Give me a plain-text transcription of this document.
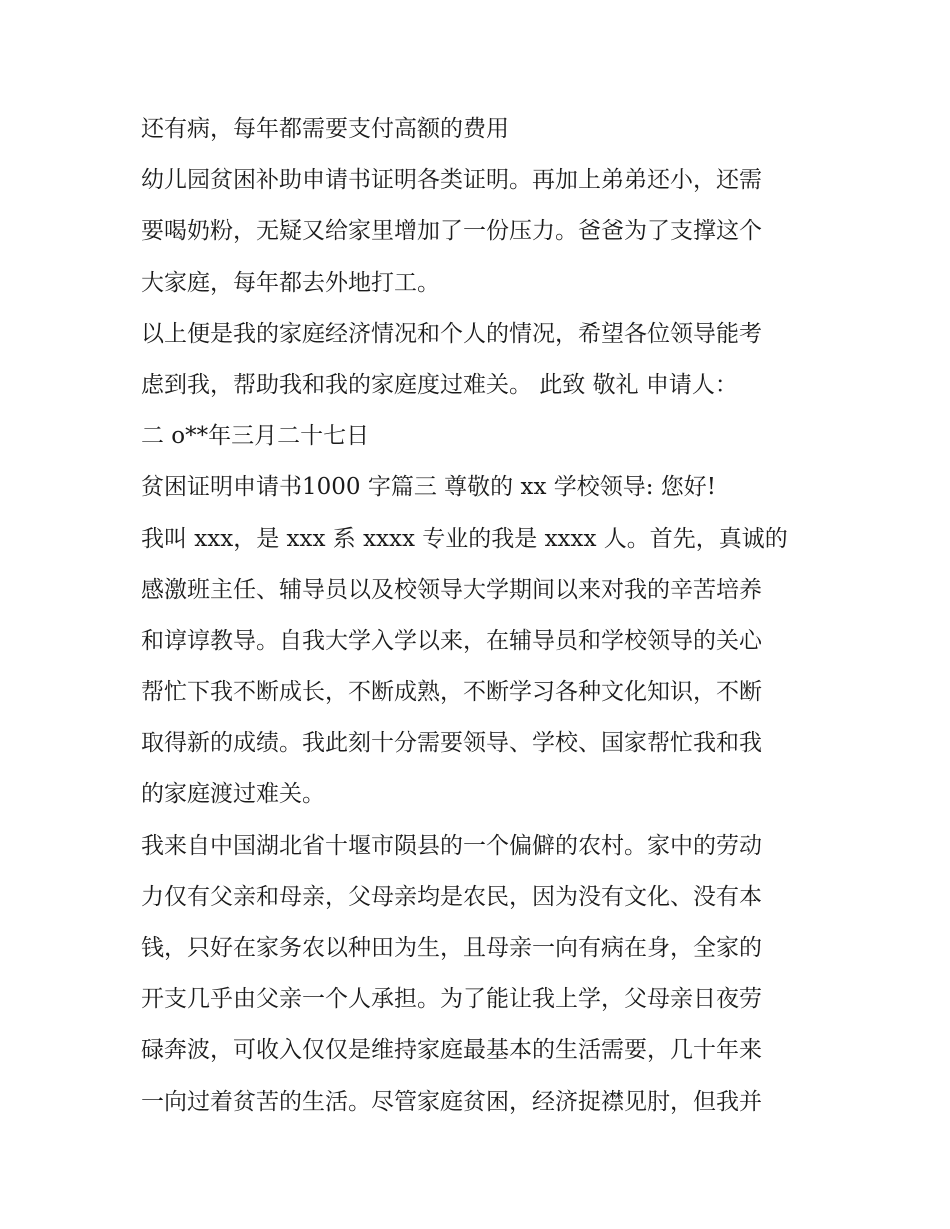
还有病，每年都需要支付高额的费用
幼儿园贫困补助申请书证明各类证明。再加上弟弟还小，还需
要喝奶粉，无疑又给家里增加了一份压力。爸爸为了支撑这个
大家庭，每年都去外地打工。
以上便是我的家庭经济情况和个人的情况，希望各位领导能考
虑到我，帮助我和我的家庭度过难关。 此致 敬礼 申请人：
二 o**年三月二十七日
贫困证明申请书1000 字篇三 尊敬的 xx 学校领导: 您好!
我叫 xxx，是 xxx 系 xxxx 专业的我是 xxxx 人。首先，真诚的
感激班主任、辅导员以及校领导大学期间以来对我的辛苦培养
和谆谆教导。自我大学入学以来，在辅导员和学校领导的关心
帮忙下我不断成长，不断成熟，不断学习各种文化知识，不断
取得新的成绩。我此刻十分需要领导、学校、国家帮忙我和我
的家庭渡过难关。
我来自中国湖北省十堰市陨县的一个偏僻的农村。家中的劳动
力仅有父亲和母亲，父母亲均是农民，因为没有文化、没有本
钱，只好在家务农以种田为生，且母亲一向有病在身，全家的
开支几乎由父亲一个人承担。为了能让我上学，父母亲日夜劳
碌奔波，可收入仅仅是维持家庭最基本的生活需要，几十年来
一向过着贫苦的生活。尽管家庭贫困，经济捉襟见肘，但我并
